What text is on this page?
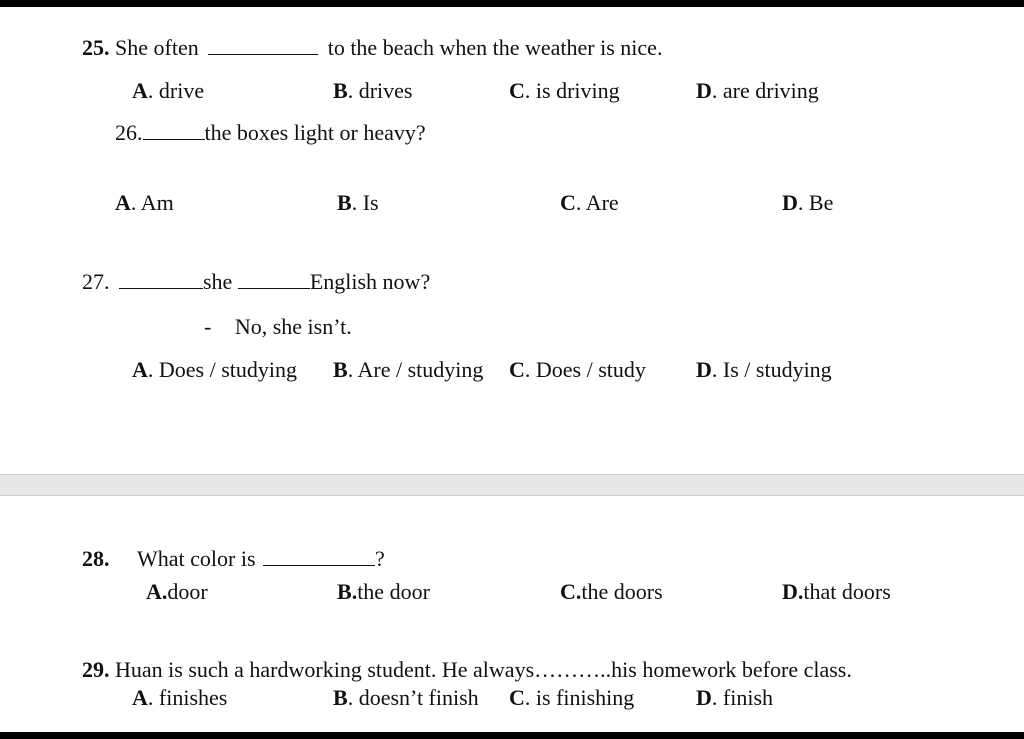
25. She often	to the beach when the weather is nice.
A. drive	B. drives	C. is driving	D. are driving
26.	the boxes light or heavy?
A. Am	B. Is	C. Are	D. Be
27.	she	English now?
- No, she isn’t.
A. Does / studying B. Are / studying C. Does / study D. Is / studying
28. What color is	?
A.door	B.the door	C.the doors	D.that doors
29. Huan is such a hardworking student. He always………..his homework before class.
A. finishes	B. doesn’t finish C. is finishing	D. finish
